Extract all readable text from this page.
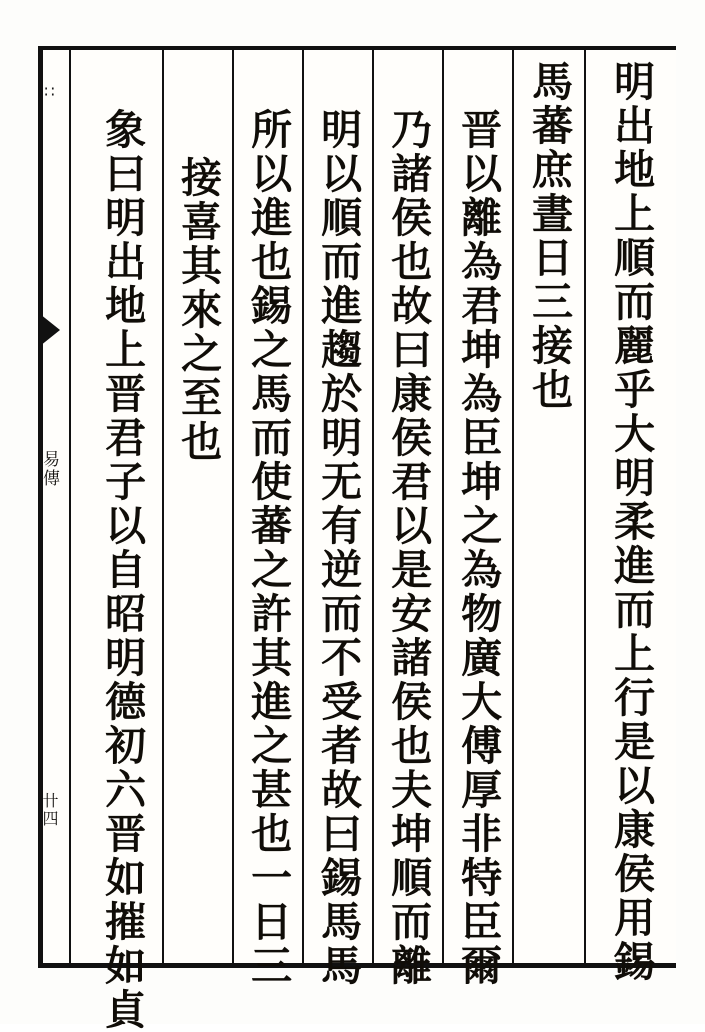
明出地上順而麗乎大明柔進而上行是以康侯用錫
馬蕃庶晝日三接也
晋以離為君坤為臣坤之為物廣大傅厚非特臣爾
乃諸侯也故曰康侯君以是安諸侯也夫坤順而離
明以順而進趨於明无有逆而不受者故曰錫馬馬
所以進也錫之馬而使蕃之許其進之甚也一日三
接喜其來之至也
象曰明出地上晋君子以自昭明德初六晋如摧如貞
∷
易傳
卄四
